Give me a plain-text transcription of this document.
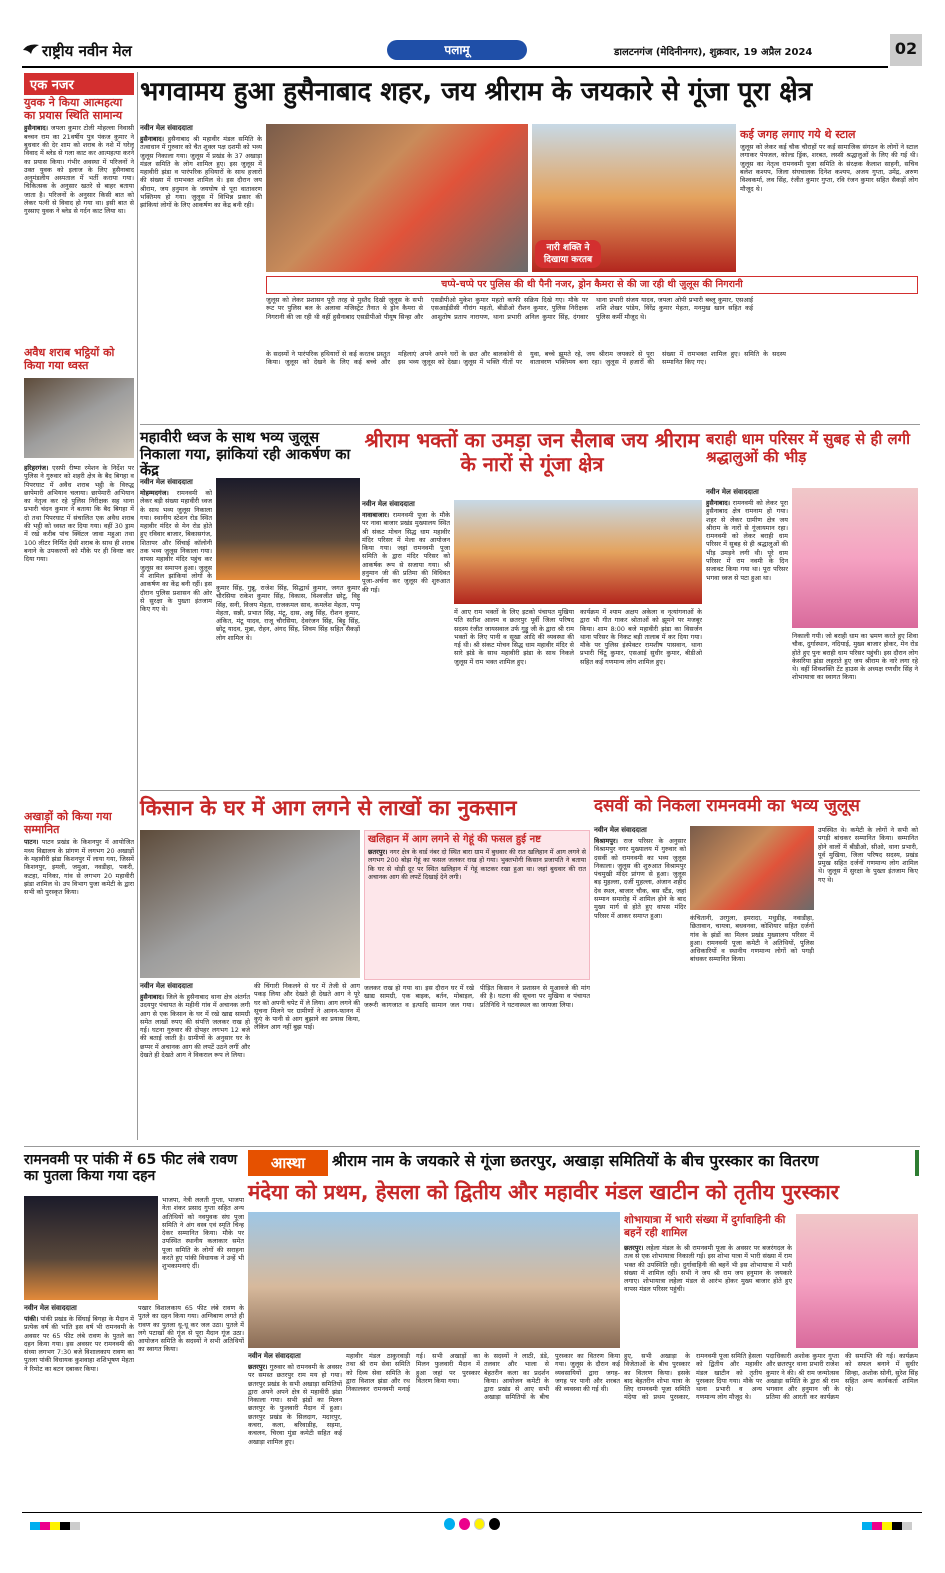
राष्ट्रीय नवीन मेल	पलामू	डालटनगंज (मेदिनीनगर), शुक्रवार, 19 अप्रैल 2024	02
एक नजर
युवक ने किया आत्महत्या का प्रयास स्थिति सामान्य
हुसैनाबाद। जपला कुमार टोली मोहल्ला निवासी बच्चन राम का 21वर्षीय पुत्र पंकज कुमार ने बुधवार की देर शाम को शराब के नशे में घरेलू विवाद में ब्लेड से गला काट कर आत्महत्या करने का प्रयास किया। गंभीर अवस्था में परिजनों ने उक्त युवक को इलाज के लिए हुसैनाबाद अनुमंडलीय अस्पताल में भर्ती कराया गया। चिकित्सक के अनुसार खतरे से बाहर बताया जाता है। परिजनों के अनुसार किसी बात को लेकर पत्नी से विवाद हो गया था। इसी बात से गुस्साए युवक ने ब्लेड से गर्दन काट लिया था।
अवैध शराब भट्ठियों को किया गया ध्वस्त
हरिहरगंज। एसपी रीष्मा रमेशन के निर्देश पर पुलिस ने गुरुवार को शहरी क्षेत्र के बैद बिगहा व पिपरघाट में अवैध शराब भट्ठी के विरुद्ध छापेमारी अभियान चलाया। छापेमारी अभियान का नेतृत्व कर रहे पुलिस निरीक्षक सह थाना प्रभारी चंदन कुमार ने बताया कि बैद बिगहा में दो तथा पिपरघाट में संचालित एक अवैध शराब की भट्ठी को ध्वस्त कर दिया गया। वहीं 30 ड्राम में रखे करीब पांच क्विंटल जावा महुआ तथा 100 लीटर निर्मित देसी शराब के साथ ही शराब बनाने के उपकरणों को मौके पर ही विनष्ट कर दिया गया।
अखाड़ों को किया गया सम्मानित
पाटन। पाटन प्रखंड के किशनपुर में आयोजित मध्य विद्यालय के प्रांगण में लगभग 20 अखाड़ों के महावीरी झंडा किशनपुर में लाया गया, जिसमें किशनपुर, इमली, जमुआ, नवडीहा, पकरी, कटहा, मनिका, गांव से लगभग 20 महावीरी झंडा शामिल थे। उप विभाग पुजा कमेटी के द्वारा सभी को पुरस्कृत किया।
भगवामय हुआ हुसैनाबाद शहर, जय श्रीराम के जयकारे से गूंजा पूरा क्षेत्र
नवीन मेल संवाददाता
हुसैनाबाद। हुसैनाबाद श्री महावीर मंडल समिति के तत्वाधान में गुरुवार को चैत शुक्ल पक्ष दशमी को भव्य जुलूस निकाला गया। जुलूस में प्रखंड के 37 अखाड़ा मंडल समिति के लोग शामिल हुए। इस जुलूस में महावीरी झंडा व पारंपरिक हथियारों के साथ हजारों की संख्या में रामभक्त शामिल थे। इस दौरान जय श्रीराम, जय हनुमान के जयघोष से पूरा वातावरण भक्तिमय हो गया। जुलूस में विभिन्न प्रकार की झांकियां लोगों के लिए आकर्षण का केंद्र बनी रही।
नारी शक्ति ने दिखाया करतब
कई जगह लगाए गये थे स्टाल
जुलूस को लेकर कई चौक चौराहों पर कई सामाजिक संगठन के लोगों ने स्टाल लगाकर पेयजल, कोल्ड ड्रिंक, शरबत, लस्सी श्रद्धालुओं के लिए की गई थी। जुलूस का नेतृत्व रामनवमी पूजा समिति के संरक्षक कैलाश साहनी, सचिव बलेश कश्यप, जिला संघचालक दिनेश कश्यप, अजय गुप्ता, उमेंद्र, अरुण विश्वकर्मा, लव सिंह, रंजीत कुमार गुप्ता, रवि रंजन कुमार सहित सैकड़ों लोग मौजूद थे।
चप्पे-चप्पे पर पुलिस की थी पैनी नजर, ड्रोन कैमरा से की जा रही थी जुलूस की निगरानी
जुलूस को लेकर प्रशासन पूरी तरह से मुस्तैद दिखी जुलूस के सभी रूट पर पुलिस बल के अलावा मजिस्ट्रेट तैनात थे ड्रोन कैमरा से निगरानी की जा रही थी वहीं हुसैनाबाद एसडीपीओ पीयूष सिन्हा और एसडीपीओ मुकेश कुमार महतो काफी सक्रिय दिखे गए। मौके पर एसआईडीसी गौरांग महतो, बीडीओ रौशन कुमार, पुलिस निरीक्षक आशुतोष प्रताप नारायण, थाना प्रभारी अनिल कुमार सिंह, दंगवार थाना प्रभारी संजय यादव, जपला ओपी प्रभारी बब्लू कुमार, एसआई शशि शेखर पांडेय, विरेंद्र कुमार मेहता, मनमुख खान सहित कई पुलिस कर्मी मौजूद थे।
के सदस्यों ने पारंपरिक हथियारों से कई करतब प्रस्तुत किया। जुलूस को देखने के लिए कई बच्चे और महिलाएं अपने अपने घरों के छत और बालकोनी से इस भव्य जुलूस को देखा। जुलूस में भक्ति गीतों पर युवा, बच्चे झूमते रहे, जय श्रीराम जयकारे से पूरा वातावरण भक्तिमय बना रहा। जुलूस में हजारों की संख्या में रामभक्त शामिल हुए। समिति के सदस्य सम्मानित किए गए।
महावीरी ध्वज के साथ भव्य जुलूस निकाला गया, झांकियां रही आकर्षण का केंद्र
नवीन मेल संवाददाता
मोहम्मदगंज। रामनवमी को लेकर बड़ी संख्या महावीरी ध्वज के साथ भव्य जुलूस निकाला गया। स्थानीय स्टेशन रोड स्थित महावीर मंदिर से मेन रोड होते हुए रविवार बाजार, बिकासगंज, शितापर और सिंचाई कॉलोनी तक भव्य जुलूस निकाला गया। वापस महावीर मंदिर पहुंच कर जुलूस का समापन हुआ। जुलूस में शामिल झांकियां लोगों के आकर्षण का केंद्र बनी रहीं। इस दौरान पुलिस प्रशासन की ओर से सुरक्षा के पुख्ता इंतजाम किए गए थे।
कुमार सिंह, गुन्नू, राजेश सिंह, सिद्धार्थ कुमार, जगत कुमार चौरसिया राकेश कुमार सिंह, विकास, विश्वजीत छोटू, विट्टू सिंह, सनी, विजय मेहता, राजकमल साव, कमलेश मेहता, पप्पू मेहता, सन्नी, प्रभात सिंह, मंटू, दास, अन्नु सिंह, रौशन कुमार, अंकित, मंटू यादव, राजू चौरसिया, देवरंजन सिंह, बिट्टू सिंह, छोटू यादव, मुन्ना, रोहन, अंगद सिंह, शिवम सिंह सहित सैकड़ों लोग शामिल थे।
श्रीराम भक्तों का उमड़ा जन सैलाब जय श्रीराम के नारों से गूंजा क्षेत्र
नवीन मेल संवाददाता
नावाबाजार। रामनवमी पूजा के मौके पर नावा बाजार प्रखंड मुख्यालय स्थित श्री संकट मोचन सिद्ध धाम महावीर मंदिर परिसर में मेला का आयोजन किया गया। जहां रामनवमी पूजा समिति के द्वारा मंदिर परिसर को आकर्षक रूप से सजाया गया। श्री हनुमान जी की प्रतिमा की विधिवत पूजा-अर्चना कर जुलूस की शुरुआत की गई।
में आए राम भक्तों के लिए इटको पंचायत मुखिया पति सतीश आलम व छतरपुर पूर्वी जिला परिषद सदस्य रंजीत जायसवाल उर्फ गुड्डू जी के द्वारा श्री राम भक्तों के लिए पानी व सूखा आदि की व्यवस्था की गई थी। श्री संकट मोचन सिद्ध धाम महावीर मंदिर से सारे झंडे के साथ महावीरी झंडा के साथ निकले जुलूस में राम भक्त शामिल हुए।
कार्यक्रम में श्याम अक्षय अकेला व नृत्यांगनाओं के द्वारा भी गीत गाकर श्रोताओं को झूमने पर मजबूर किया। शाम 8:00 बजे महावीरी झंडा का विसर्जन थाना परिसर के निकट बड़ी तालाब में कर दिया गया। मौके पर पुलिस इंस्पेक्टर रामशीष पासवान, थाना प्रभारी चिंटू कुमार, एसआई सुधीर कुमार, बीडीओ सहित कई गणमान्य लोग शामिल हुए।
बराही धाम परिसर में सुबह से ही लगी श्रद्धालुओं की भीड़
नवीन मेल संवाददाता
हुसैनाबाद। रामनवमी को लेकर पूरा हुसैनाबाद क्षेत्र रामनाम हो गया। शहर से लेकर ग्रामीण क्षेत्र जय श्रीराम के नारों से गूंजायमान रहा। रामनवमी को लेकर बराही धाम परिसर में सुबह से ही श्रद्धालुओं की भीड़ उमड़ने लगी थी। पूरे धाम परिसर में राम नवमी के दिन सजावट किया गया था। पूरा परिसर भगवा ध्वज से पटा हुआ था।
निकाली गयी। जो बराही धाम का भ्रमण करते हुए शिवा चौक, दुर्गास्थान, नदियाई, मुख्य बाजार होकर, मेन रोड होते हुए पुनः बराही धाम परिसर पहुंची। इस दौरान लोग केसरिया झंडा लहराते हुए जय श्रीराम के नारे लगा रहे थे। वहीं शिवशक्ति टेंट हाउस के अध्यक्ष रणधीर सिंह ने शोभायात्रा का स्वागत किया।
किसान के घर में आग लगने से लाखों का नुकसान
नवीन मेल संवाददाता
हुसैनाबाद। जिले के हुसैनाबाद थाना क्षेत्र अंतर्गत उदयपुर पंचायत के महीनी गांव में अचानक लगी आग से एक किसान के घर में रखे खाद्य सामग्री समेत लाखों रुपए की संपत्ति जलकर राख हो गई। घटना गुरुवार की दोपहर लगभग 12 बजे की बताई जाती है। ग्रामीणों के अनुसार घर के छप्पर में अचानक आग की लपटें उठने लगीं और देखते ही देखते आग ने विकराल रूप ले लिया।
की चिंगारी निकलने से घर में तेजी से आग पकड़ लिया और देखते ही देखते आग ने पूरे घर को अपनी चपेट में ले लिया। आग लगने की सूचना मिलने पर ग्रामीणों ने आनन-फानन में कुएं के पानी से आग बुझाने का प्रयास किया, लेकिन आग नहीं बुझ पाई।
खलिहान में आग लगने से गेहूं की फसल हुई नष्ट
छतरपुर। नगर क्षेत्र के वार्ड नंबर दो स्थित बारा ग्राम में बुधवार की रात खलिहान में आग लगने से लगभग 200 बोझ गेहूं का फसल जलकर राख हो गया। भुक्तभोगी किसान प्रजापति ने बताया कि घर से थोड़ी दूर पर स्थित खलिहान में गेहूं काटकर रखा हुआ था। जहां बुधवार की रात अचानक आग की लपटें दिखाई देने लगी।
जलकर राख हो गया था। इस दौरान घर में रखे खाद्य सामग्री, एक बाइक, बर्तन, मोबाइल, जरूरी कागजात व इत्यादि सामान जल गया। पीड़ित किसान ने प्रशासन से मुआवजे की मांग की है। घटना की सूचना पर मुखिया व पंचायत प्रतिनिधि ने घटनास्थल का जायजा लिया।
दसवीं को निकला रामनवमी का भव्य जुलूस
नवीन मेल संवाददाता
विश्रामपुर। राज परिसर के अनुसार विश्रामपुर नगर मुख्यालय में गुरुवार को दसवीं को रामनवमी का भव्य जुलूस निकाला। जुलूस की शुरुआत विश्रामपुर पंचमुखी मंदिर प्रांगण से हुआ। जुलूस बड़ मुहल्ला, दर्जी मुहल्ला, अंजान शहीद देव स्थल, बाजार चौक, बस स्टैंड, जहां सम्मान समारोह में शामिल होने के बाद मुख्य मार्ग से होते हुए वापस मंदिर परिसर में आकर समाप्त हुआ।	कंचितानी, उरगुला, इमरादा, मधुडीह, नवाडीहा, छितावान, चायत्रा, बधवनवा, कोशियार सहित दर्जनों गांव के झंडों का मिलन प्रखंड मुख्यालय परिसर में हुआ। रामनवमी पूजा कमेटी ने अतिथियों, पुलिस अधिकारियों व स्थानीय गणमान्य लोगों को पगड़ी बांधकर सम्मानित किया।
उपस्थित थे। कमेटी के लोगों ने सभी को पगड़ी बांधकर सम्मानित किया। सम्मानित होने वालों में बीडीओ, सीओ, थाना प्रभारी, पूर्व मुखिया, जिला परिषद सदस्य, प्रखंड प्रमुख सहित दर्जनों गणमान्य लोग शामिल थे। जुलूस में सुरक्षा के पुख्ता इंतजाम किए गए थे।
रामनवमी पर पांकी में 65 फीट लंबे रावण का पुतला किया गया दहन
भाजपा, नेत्री ललती गुप्ता, भाजपा नेता शंकर प्रसाद गुप्ता सहित अन्य अतिथियों को नवयुवक संघ पूजा समिति ने अंग वस्त्र एवं स्मृति चिन्ह देकर सम्मानित किया। मौके पर उपस्थित स्थानीय कलाकार समेत पूजा समिति के लोगों की सराहना करते हुए पांकी विधायक ने उन्हें भी शुभकामनाएं दीं।
नवीन मेल संवाददाता
पांकी। पांकी प्रखंड के सिंघाई बिगहा के मैदान में प्रत्येक वर्ष की भांति इस वर्ष भी रामनवमी के अवसर पर 65 फीट लंबे रावण के पुतले का दहन किया गया। इस अवसर पर रामनवमी की संध्या लगभग 7:30 बजे विशालकाय रावण का पुतला पांकी विधायक कुशवाहा शशिभूषण मेहता ने रिमोट का बटन दबाकर किया।
पखार विशालकाय 65 फीट लंबे रावण के पुतले का दहन किया गया। अग्निबाण लगते ही रावण का पुतला धू-धू कर जल उठा। पुतले में लगे पटाखों की गूंज से पूरा मैदान गूंज उठा। आयोजन समिति के सदस्यों ने सभी अतिथियों का स्वागत किया।
आस्था	श्रीराम नाम के जयकारे से गूंजा छतरपुर, अखाड़ा समितियों के बीच पुरस्कार का वितरण
मंदेया को प्रथम, हेसला को द्वितीय और महावीर मंडल खाटीन को तृतीय पुरस्कार
नवीन मेल संवाददाता
छतरपुर। गुरुवार को रामनवमी के अवसर पर समस्त छतरपुर राम मय हो गया। छतरपुर प्रखंड के सभी अखाड़ा समितियों द्वारा अपने अपने क्षेत्र से महावीरी झंडा निकाला गया। सभी झंडों का मिलन छतरपुर के फुलवारी मैदान में हुआ। छतरपुर प्रखंड के सिलदाग, मदारपुर, कचरा, कला, बरिवाडीह, सड़मा, कचलन, चिरवा मुंडा कमेटी सहित कई अखाड़ा शामिल हुए।
महावीर मंडल ठाकुरवाड़ी तथा श्री राम सेवा समिति को दिव्य सेवा समिति के द्वारा विशाल झंडा और रथ निकालकर रामनवमी मनाई गई। सभी अखाड़ों का मिलन फुलवारी मैदान में हुआ जहां पर पुरस्कार वितरण किया गया।
के सदस्यों ने लाठी, डंडे, तलवार और भाला से बेहतरीन कला का प्रदर्शन किया। आयोजन कमेटी के द्वारा प्रखंड से आए सभी अखाड़ा समितियों के बीच पुरस्कार का वितरण किया गया। जुलूस के दौरान कई व्यवसायियों द्वारा जगह-जगह पर पानी और शरबत की व्यवस्था की गई थी।
हुए, सभी अखाड़ा के विजेताओं के बीच पुरस्कार का वितरण किया। इसके बाद बेहतरीन शोभा यात्रा के लिए रामनवमी पूजा समिति मंदेया को प्रथम पुरस्कार, रामनवमी पूजा समिति हेसला को द्वितीय और महावीर मंडल खाटीन को तृतीय पुरस्कार दिया गया। मौके पर थाना प्रभारी व अन्य गणमान्य लोग मौजूद थे।
शोभायात्रा में भारी संख्या में दुर्गावाहिनी की बहनें रही शामिल
छतरपुर। लहेला मंडल के श्री रामनवमी पूजा के अवसर पर बजरंगदल के तत्व से एक शोभायात्रा निकाली गई। इस शोभा यात्रा में भारी संख्या में राम भक्त की उपस्थिति रही। दुर्गावाहिनी की बहनें भी इस शोभायात्रा में भारी संख्या में शामिल रहीं। सभी ने जय श्री राम जय हनुमान के जयकारे लगाए। शोभायात्रा लहेला मंडल से आरंभ होकर मुख्य बाजार होते हुए वापस मंडल परिसर पहुंची।
पदाधिकारी अशोक कुमार गुप्ता और छतरपुर थाना प्रभारी राजेश कुमार ने की। श्री राम जन्मोत्सव अखाड़ा समिति के द्वारा श्री राम भगवान और हनुमान जी के प्रतिमा की आरती कर कार्यक्रम की समाप्ति की गई। कार्यक्रम को सफल बनाने में सुधीर सिन्हा, अशोक सोनी, सुरेश सिंह सहित अन्य कार्यकर्ता शामिल रहे।
